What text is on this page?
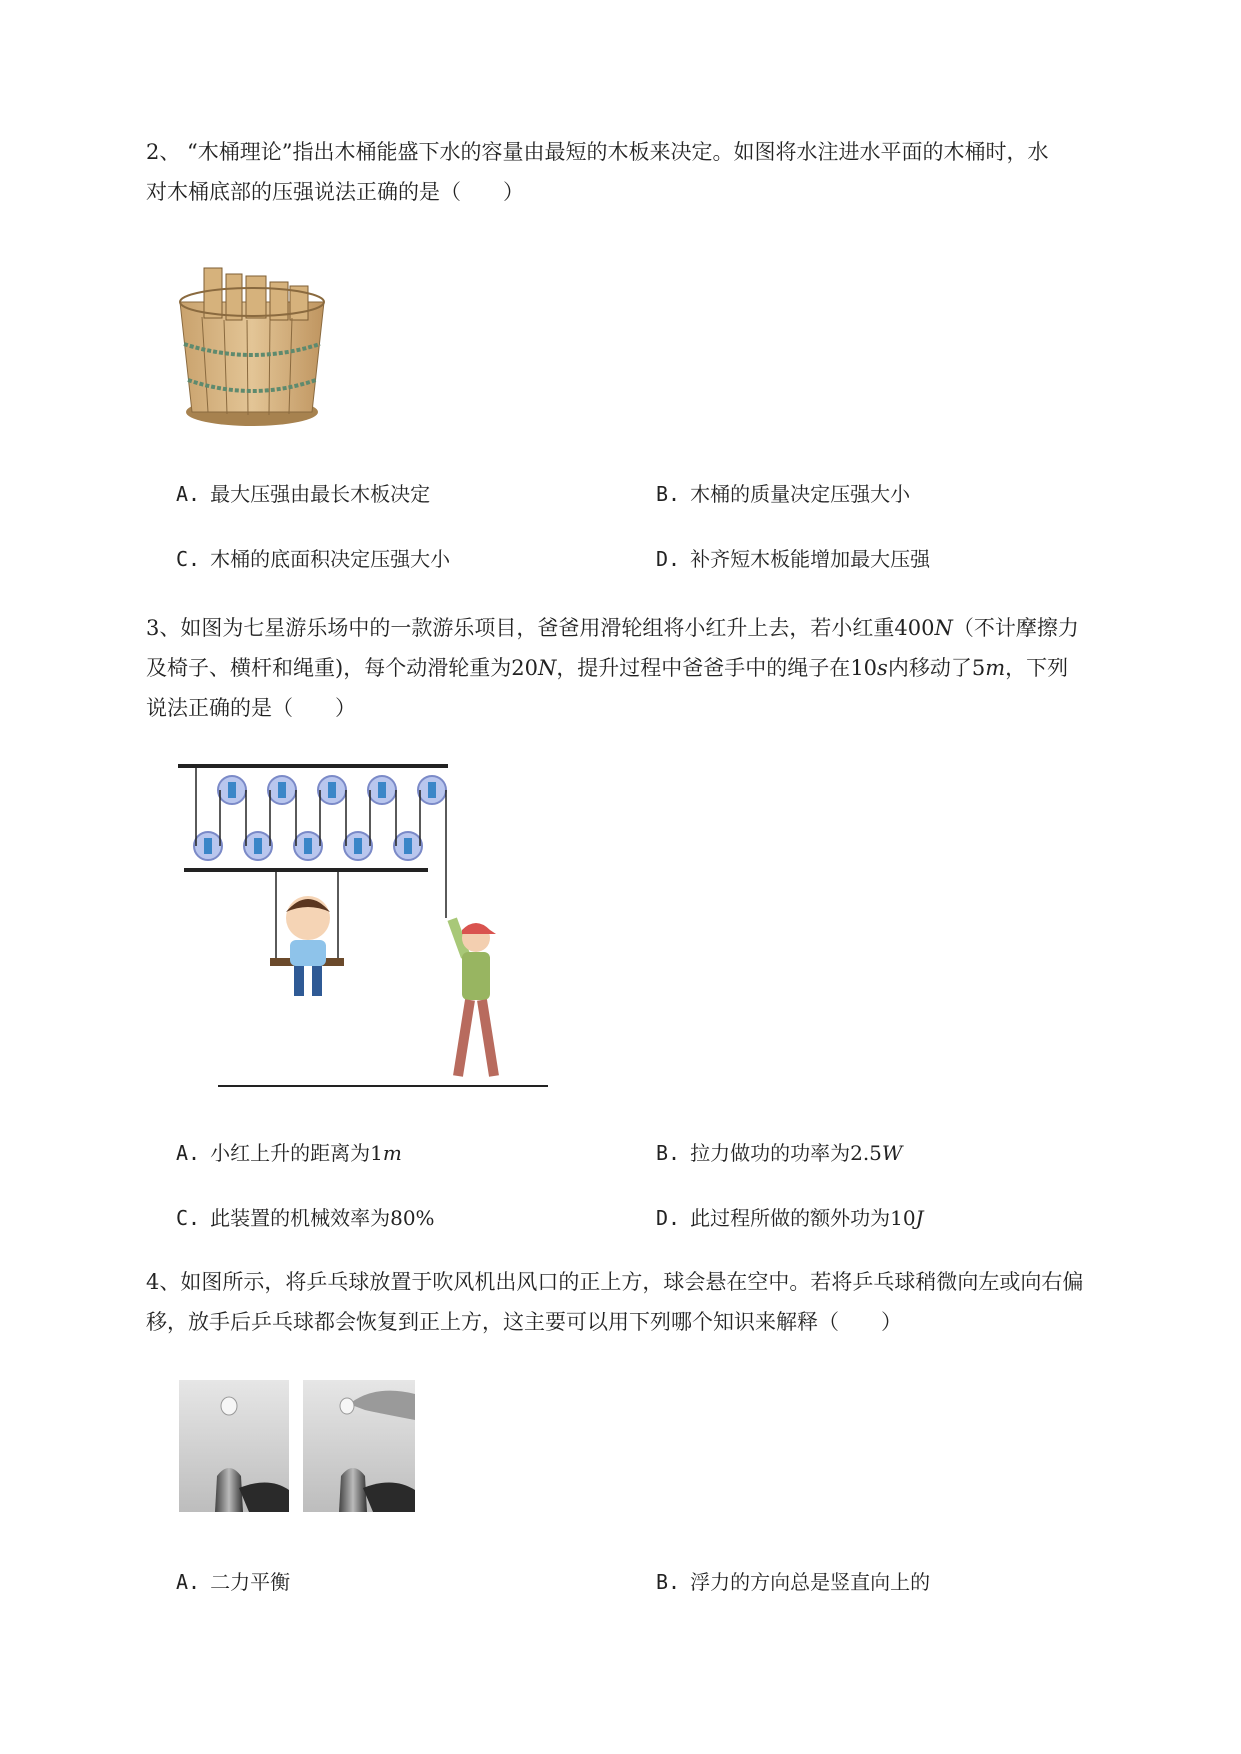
2、 “木桶理论”指出木桶能盛下水的容量由最短的木板来决定。如图将水注进水平面的木桶时，水
对木桶底部的压强说法正确的是（　　）
A. 最大压强由最长木板决定	B. 木桶的质量决定压强大小
C. 木桶的底面积决定压强大小	D. 补齐短木板能增加最大压强
3、如图为七星游乐场中的一款游乐项目，爸爸用滑轮组将小红升上去，若小红重400N（不计摩擦力
及椅子、横杆和绳重)，每个动滑轮重为20N，提升过程中爸爸手中的绳子在10s内移动了5m，下列
说法正确的是（　　）
A. 小红上升的距离为1m	B. 拉力做功的功率为2.5W
C. 此装置的机械效率为80%	D. 此过程所做的额外功为10J
4、如图所示，将乒乓球放置于吹风机出风口的正上方，球会悬在空中。若将乒乓球稍微向左或向右偏
移，放手后乒乓球都会恢复到正上方，这主要可以用下列哪个知识来解释（　　）
A. 二力平衡	B. 浮力的方向总是竖直向上的
